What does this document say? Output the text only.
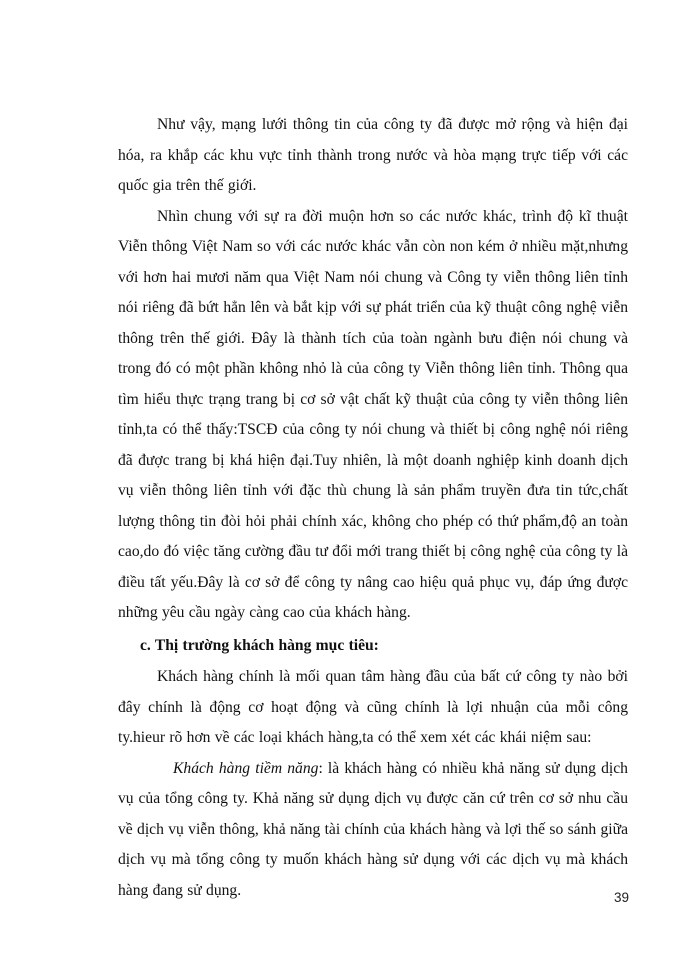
Như vậy, mạng lưới thông tin của công ty đã được mở rộng và hiện đại hóa, ra khắp các khu vực tỉnh thành trong nước và hòa mạng trực tiếp với các quốc gia trên thế giới.

Nhìn chung với sự ra đời muộn hơn so các nước khác, trình độ kĩ thuật Viễn thông Việt Nam so với các nước khác vẫn còn non kém ở nhiều mặt,nhưng với hơn hai mươi năm qua Việt Nam nói chung và Công ty viễn thông liên tỉnh nói riêng đã bứt hẳn lên và bắt kịp với sự phát triển của kỹ thuật công nghệ viễn thông trên thế giới. Đây là thành tích của toàn ngành bưu điện nói chung và trong đó có một phần không nhỏ là của công ty Viễn thông liên tỉnh. Thông qua tìm hiểu thực trạng trang bị cơ sở vật chất kỹ thuật của công ty viễn thông liên tỉnh,ta có thể thấy:TSCĐ của công ty nói chung và thiết bị công nghệ nói riêng đã được trang bị khá hiện đại.Tuy nhiên, là một doanh nghiệp kinh doanh dịch vụ viễn thông liên tỉnh với đặc thù chung là sản phẩm truyền đưa tin tức,chất lượng thông tin đòi hỏi phải chính xác, không cho phép có thứ phẩm,độ an toàn cao,do đó việc tăng cường đầu tư đổi mới trang thiết bị công nghệ của công ty là điều tất yếu.Đây là cơ sở để công ty nâng cao hiệu quả phục vụ, đáp ứng được những yêu cầu ngày càng cao của khách hàng.

c. Thị trường khách hàng mục tiêu:

Khách hàng chính là mối quan tâm hàng đầu của bất cứ công ty nào bởi đây chính là động cơ hoạt động và cũng chính là lợi nhuận của mỗi công ty.hieur rõ hơn về các loại khách hàng,ta có thể xem xét các khái niệm sau:

Khách hàng tiềm năng: là khách hàng có nhiều khả năng sử dụng dịch vụ của tổng công ty. Khả năng sử dụng dịch vụ được căn cứ trên cơ sở nhu cầu về dịch vụ viễn thông, khả năng tài chính của khách hàng và lợi thế so sánh giữa dịch vụ mà tổng công ty muốn khách hàng sử dụng với các dịch vụ mà khách hàng đang sử dụng.	39
